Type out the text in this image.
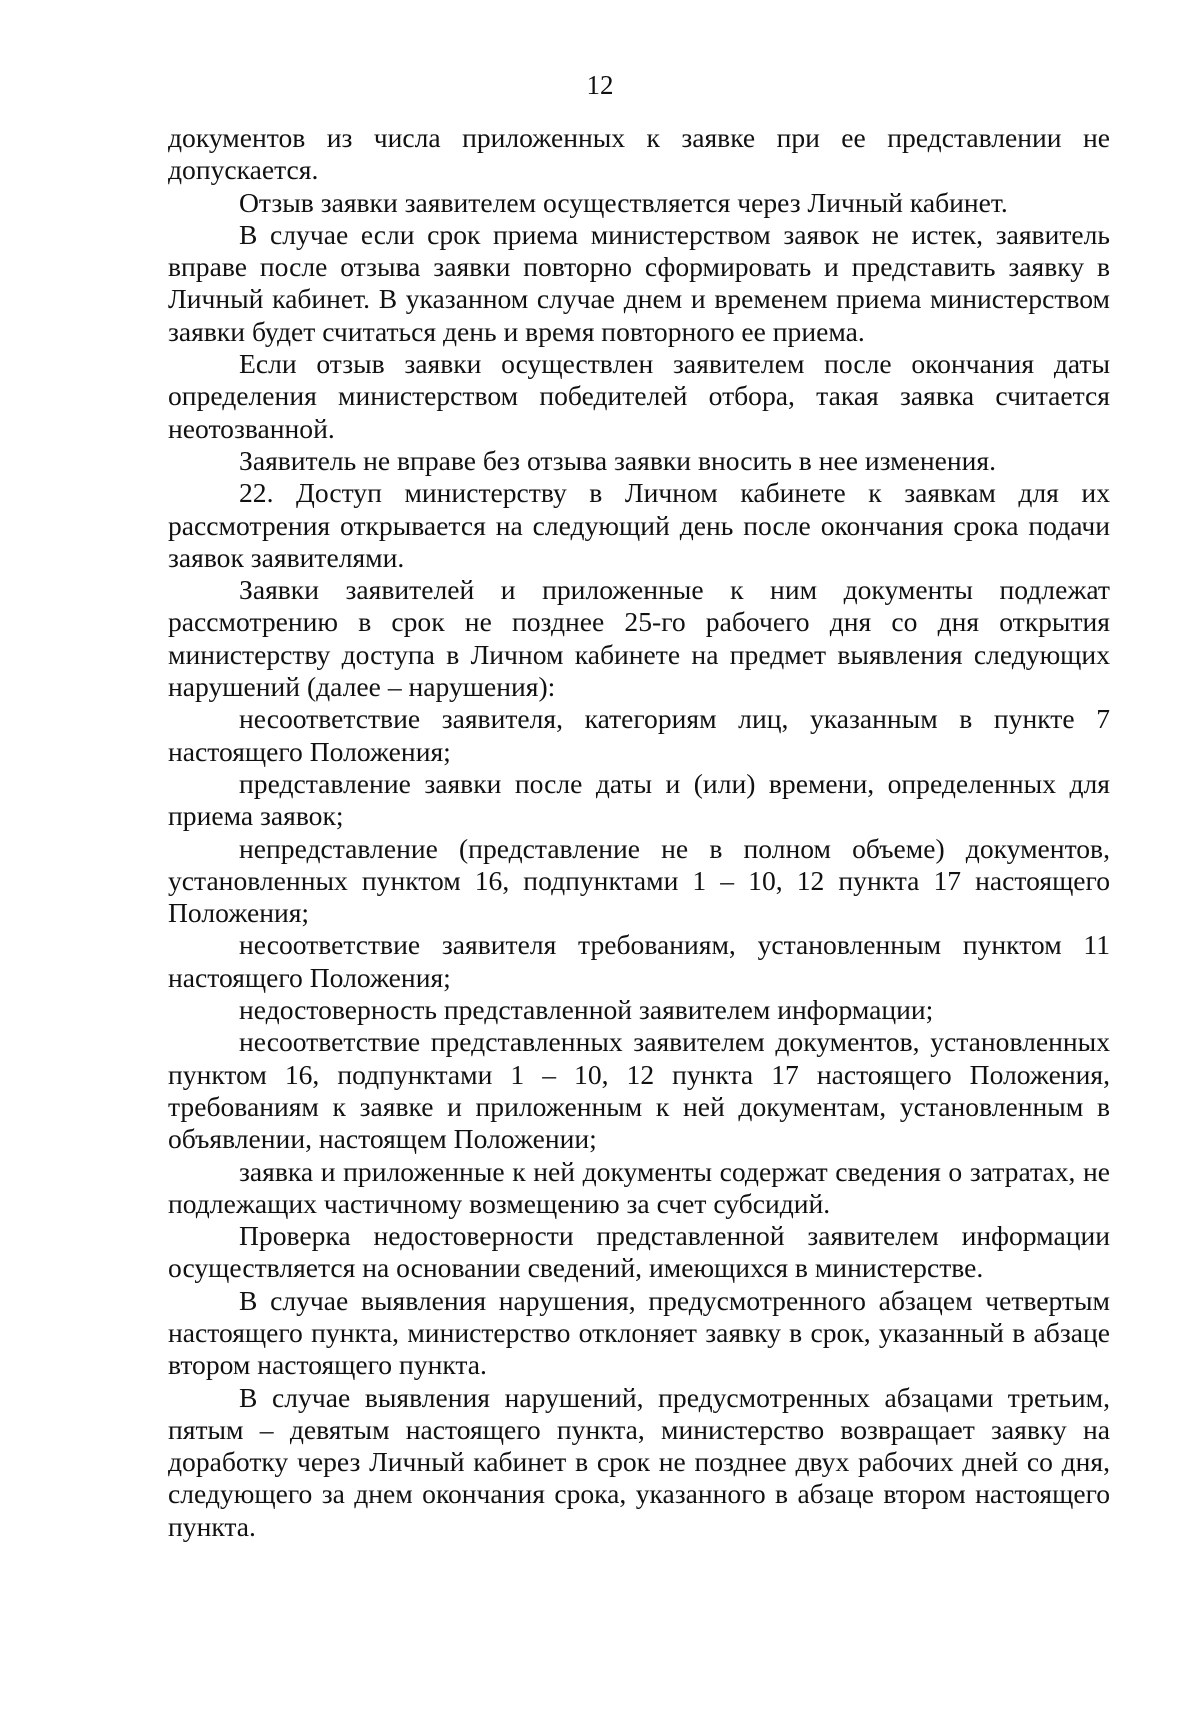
12

документов из числа приложенных к заявке при ее представлении не допускается.

Отзыв заявки заявителем осуществляется через Личный кабинет.

В случае если срок приема министерством заявок не истек, заявитель вправе после отзыва заявки повторно сформировать и представить заявку в Личный кабинет. В указанном случае днем и временем приема министерством заявки будет считаться день и время повторного ее приема.

Если отзыв заявки осуществлен заявителем после окончания даты определения министерством победителей отбора, такая заявка считается неотозванной.

Заявитель не вправе без отзыва заявки вносить в нее изменения.

22. Доступ министерству в Личном кабинете к заявкам для их рассмотрения открывается на следующий день после окончания срока подачи заявок заявителями.

Заявки заявителей и приложенные к ним документы подлежат рассмотрению в срок не позднее 25-го рабочего дня со дня открытия министерству доступа в Личном кабинете на предмет выявления следующих нарушений (далее – нарушения):

несоответствие заявителя, категориям лиц, указанным в пункте 7 настоящего Положения;

представление заявки после даты и (или) времени, определенных для приема заявок;

непредставление (представление не в полном объеме) документов, установленных пунктом 16, подпунктами 1 – 10, 12 пункта 17 настоящего Положения;

несоответствие заявителя требованиям, установленным пунктом 11 настоящего Положения;

недостоверность представленной заявителем информации;

несоответствие представленных заявителем документов, установленных пунктом 16, подпунктами 1 – 10, 12 пункта 17 настоящего Положения, требованиям к заявке и приложенным к ней документам, установленным в объявлении, настоящем Положении;

заявка и приложенные к ней документы содержат сведения о затратах, не подлежащих частичному возмещению за счет субсидий.

Проверка недостоверности представленной заявителем информации осуществляется на основании сведений, имеющихся в министерстве.

В случае выявления нарушения, предусмотренного абзацем четвертым настоящего пункта, министерство отклоняет заявку в срок, указанный в абзаце втором настоящего пункта.

В случае выявления нарушений, предусмотренных абзацами третьим, пятым – девятым настоящего пункта, министерство возвращает заявку на доработку через Личный кабинет в срок не позднее двух рабочих дней со дня, следующего за днем окончания срока, указанного в абзаце втором настоящего пункта.
